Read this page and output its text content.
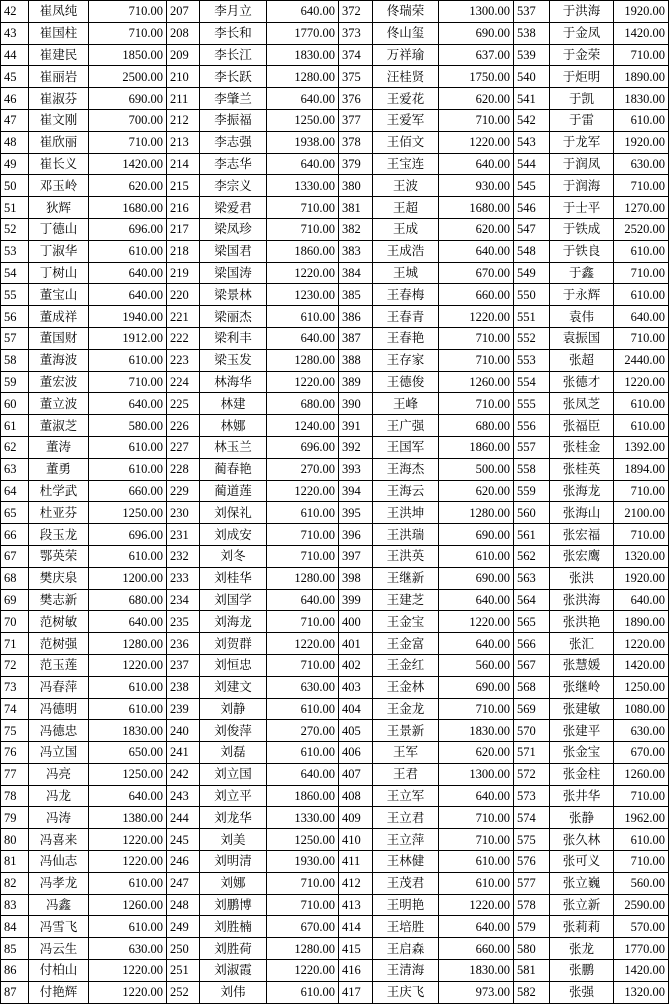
42	崔凤纯	710.00	207	李月立	640.00	372	佟瑞荣	1300.00	537	于洪海	1920.00
43	崔国柱	710.00	208	李长和	1770.00	373	佟山玺	690.00	538	于金凤	1420.00
44	崔建民	1850.00	209	李长江	1830.00	374	万祥瑜	637.00	539	于金荣	710.00
45	崔丽岩	2500.00	210	李长跃	1280.00	375	汪桂贤	1750.00	540	于炬明	1890.00
46	崔淑芬	690.00	211	李肇兰	640.00	376	王爱花	620.00	541	于凯	1830.00
47	崔文刚	700.00	212	李振福	1250.00	377	王爱军	710.00	542	于雷	610.00
48	崔欣丽	710.00	213	李志强	1938.00	378	王佰文	1220.00	543	于龙军	1920.00
49	崔长义	1420.00	214	李志华	640.00	379	王宝连	640.00	544	于润凤	630.00
50	邓玉岭	620.00	215	李宗义	1330.00	380	王波	930.00	545	于润海	710.00
51	狄辉	1680.00	216	梁爱君	710.00	381	王超	1680.00	546	于士平	1270.00
52	丁德山	696.00	217	梁凤珍	710.00	382	王成	620.00	547	于铁成	2520.00
53	丁淑华	610.00	218	梁国君	1860.00	383	王成浩	640.00	548	于铁良	610.00
54	丁树山	640.00	219	梁国涛	1220.00	384	王城	670.00	549	于鑫	710.00
55	董宝山	640.00	220	梁景林	1230.00	385	王春梅	660.00	550	于永辉	610.00
56	董成祥	1940.00	221	梁丽杰	610.00	386	王春青	1220.00	551	袁伟	640.00
57	董国财	1912.00	222	梁利丰	640.00	387	王春艳	710.00	552	袁振国	710.00
58	董海波	610.00	223	梁玉发	1280.00	388	王存家	710.00	553	张超	2440.00
59	董宏波	710.00	224	林海华	1220.00	389	王德俊	1260.00	554	张德才	1220.00
60	董立波	640.00	225	林建	680.00	390	王峰	710.00	555	张凤芝	610.00
61	董淑芝	580.00	226	林娜	1240.00	391	王广强	680.00	556	张福臣	610.00
62	董涛	610.00	227	林玉兰	696.00	392	王国军	1860.00	557	张桂金	1392.00
63	董勇	610.00	228	蔺春艳	270.00	393	王海杰	500.00	558	张桂英	1894.00
64	杜学武	660.00	229	蔺道莲	1220.00	394	王海云	620.00	559	张海龙	710.00
65	杜亚芬	1250.00	230	刘保礼	610.00	395	王洪坤	1280.00	560	张海山	2100.00
66	段玉龙	696.00	231	刘成安	710.00	396	王洪瑞	690.00	561	张宏福	710.00
67	鄂英荣	610.00	232	刘冬	710.00	397	王洪英	610.00	562	张宏鹰	1320.00
68	樊庆泉	1200.00	233	刘桂华	1280.00	398	王继新	690.00	563	张洪	1920.00
69	樊志新	680.00	234	刘国学	640.00	399	王建芝	640.00	564	张洪海	640.00
70	范树敏	640.00	235	刘海龙	710.00	400	王金宝	1220.00	565	张洪艳	1890.00
71	范树强	1280.00	236	刘贺群	1220.00	401	王金富	640.00	566	张汇	1220.00
72	范玉莲	1220.00	237	刘恒忠	710.00	402	王金红	560.00	567	张慧媛	1420.00
73	冯春萍	610.00	238	刘建文	630.00	403	王金林	690.00	568	张继岭	1250.00
74	冯德明	610.00	239	刘静	610.00	404	王金龙	710.00	569	张建敏	1080.00
75	冯德忠	1830.00	240	刘俊萍	270.00	405	王景新	1830.00	570	张建平	630.00
76	冯立国	650.00	241	刘磊	610.00	406	王军	620.00	571	张金宝	670.00
77	冯亮	1250.00	242	刘立国	640.00	407	王君	1300.00	572	张金柱	1260.00
78	冯龙	640.00	243	刘立平	1860.00	408	王立军	640.00	573	张井华	710.00
79	冯涛	1380.00	244	刘龙华	1330.00	409	王立君	710.00	574	张静	1962.00
80	冯喜来	1220.00	245	刘美	1250.00	410	王立萍	710.00	575	张久林	610.00
81	冯仙志	1220.00	246	刘明清	1930.00	411	王林健	610.00	576	张可义	710.00
82	冯孝龙	610.00	247	刘娜	710.00	412	王茂君	610.00	577	张立巍	560.00
83	冯鑫	1260.00	248	刘鹏博	710.00	413	王明艳	1220.00	578	张立新	2590.00
84	冯雪飞	610.00	249	刘胜楠	670.00	414	王培胜	640.00	579	张莉莉	570.00
85	冯云生	630.00	250	刘胜荷	1280.00	415	王启森	660.00	580	张龙	1770.00
86	付柏山	1220.00	251	刘淑霞	1220.00	416	王清海	1830.00	581	张鹏	1420.00
87	付艳辉	1220.00	252	刘伟	610.00	417	王庆飞	973.00	582	张强	1320.00
